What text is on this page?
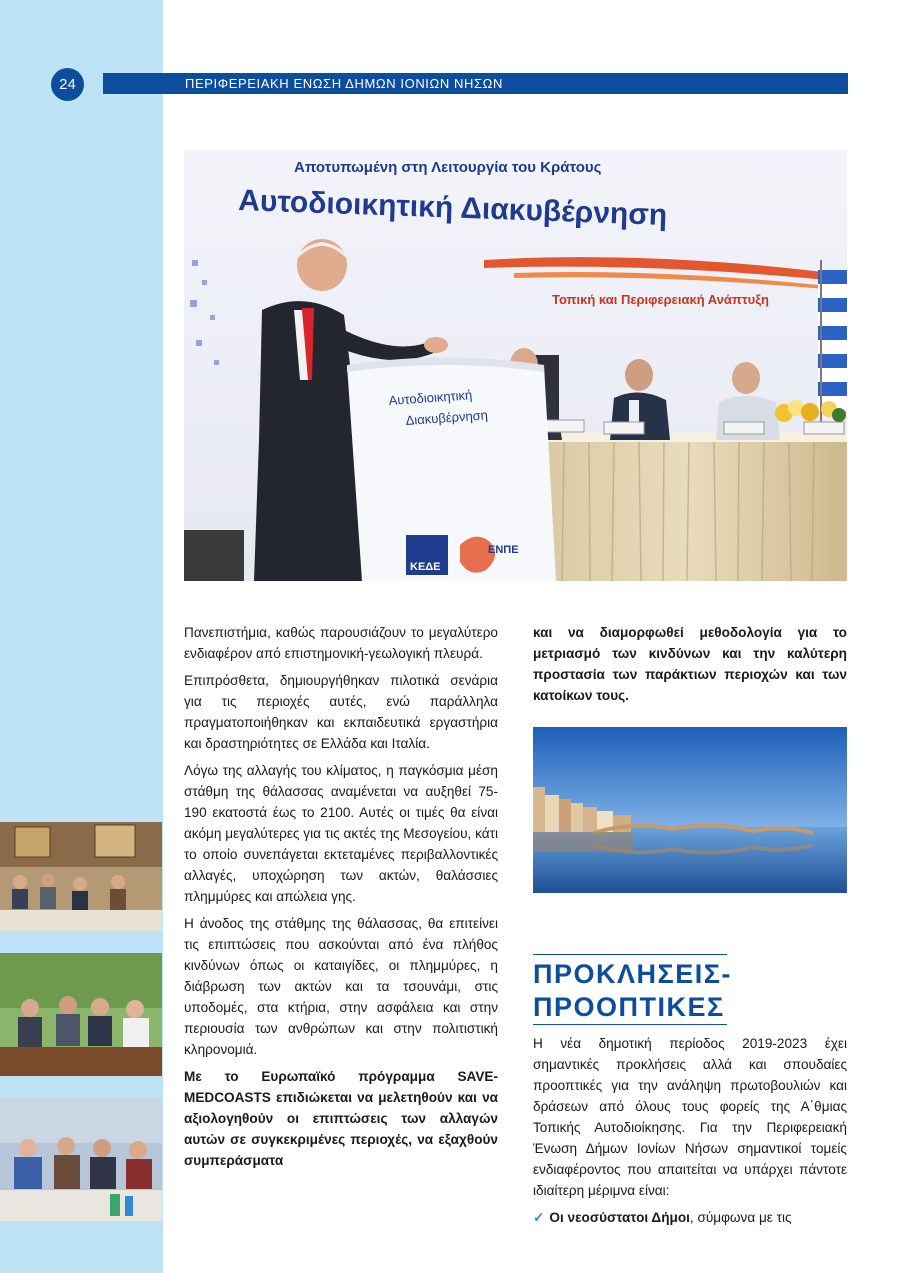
24	ΠΕΡΙΦΕΡΕΙΑΚΗ ΕΝΩΣΗ ΔΗΜΩΝ ΙΟΝΙΩΝ ΝΗΣΩΝ
Αποτυπωμένη στη Λειτουργία του Κράτους
Αυτοδιοικητική Διακυβέρνηση
Τοπική και Περιφερειακή Ανάπτυξη
Αυτοδιοικητική
Διακυβέρνηση
ΚΕΔΕ
ΕΝΠΕ

Πανεπιστήμια, καθώς παρουσιάζουν το μεγαλύτερο ενδιαφέρον από επιστημονική-γεωλογική πλευρά.

Επιπρόσθετα, δημιουργήθηκαν πιλοτικά σενάρια για τις περιοχές αυτές, ενώ παράλληλα πραγματοποιήθηκαν και εκπαιδευτικά εργαστήρια και δραστηριότητες σε Ελλάδα και Ιταλία.

Λόγω της αλλαγής του κλίματος, η παγκόσμια μέση στάθμη της θάλασσας αναμένεται να αυξηθεί 75-190 εκατοστά έως το 2100. Αυτές οι τιμές θα είναι ακόμη μεγαλύτερες για τις ακτές της Μεσογείου, κάτι το οποίο συνεπάγεται εκτεταμένες περιβαλλοντικές αλλαγές, υποχώρηση των ακτών, θαλάσσιες πλημμύρες και απώλεια γης.

Η άνοδος της στάθμης της θάλασσας, θα επιτείνει τις επιπτώσεις που ασκούνται από ένα πλήθος κινδύνων όπως οι καταιγίδες, οι πλημμύρες, η διάβρωση των ακτών και τα τσουνάμι, στις υποδομές, στα κτήρια, στην ασφάλεια και στην περιουσία των ανθρώπων και στην πολιτιστική κληρονομιά.

Με το Ευρωπαϊκό πρόγραμμα SAVE-MEDCOASTS επιδιώκεται να μελετηθούν και να αξιολογηθούν οι επιπτώσεις των αλλαγών αυτών σε συγκεκριμένες περιοχές, να εξαχθούν συμπεράσματα

και να διαμορφωθεί μεθοδολογία για το μετριασμό των κινδύνων και την καλύτερη προστασία των παράκτιων περιοχών και των κατοίκων τους.

ΠΡΟΚΛΗΣΕΙΣ-
ΠΡΟΟΠΤΙΚΕΣ

Η νέα δημοτική περίοδος 2019-2023 έχει σημαντικές προκλήσεις αλλά και σπουδαίες προοπτικές για την ανάληψη πρωτοβουλιών και δράσεων από όλους τους φορείς της Α΄θμιας Τοπικής Αυτοδιοίκησης. Για την Περιφερειακή Ένωση Δήμων Ιονίων Νήσων σημαντικοί τομείς ενδιαφέροντος που απαιτείται να υπάρχει πάντοτε ιδιαίτερη μέριμνα είναι:

✓ Οι νεοσύστατοι Δήμοι, σύμφωνα με τις
